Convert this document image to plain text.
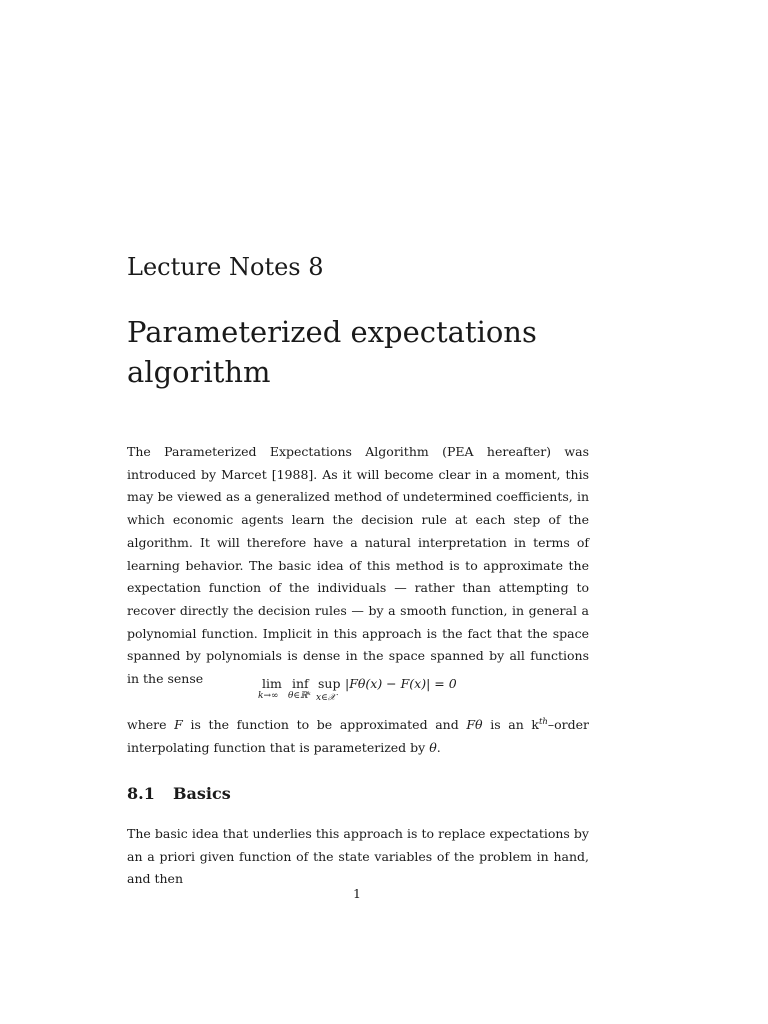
Lecture Notes 8
Parameterized expectations algorithm

The Parameterized Expectations Algorithm (PEA hereafter) was introduced by Marcet [1988]. As it will become clear in a moment, this may be viewed as a generalized method of undetermined coefficients, in which economic agents learn the decision rule at each step of the algorithm. It will therefore have a natural interpretation in terms of learning behavior. The basic idea of this method is to approximate the expectation function of the individuals — rather than attempting to recover directly the decision rules — by a smooth function, in general a polynomial function. Implicit in this approach is the fact that the space spanned by polynomials is dense in the space spanned by all functions in the sense	lim
k→∞
inf
θ∈ℝᵏ
sup
x∈𝒳
|Fθ(x) − F(x)| = 0

where F is the function to be approximated and Fθ is an $k^{th}$–order interpolating function that is parameterized by θ.

8.1 Basics

The basic idea that underlies this approach is to replace expectations by an a priori given function of the state variables of the problem in hand, and then

1
